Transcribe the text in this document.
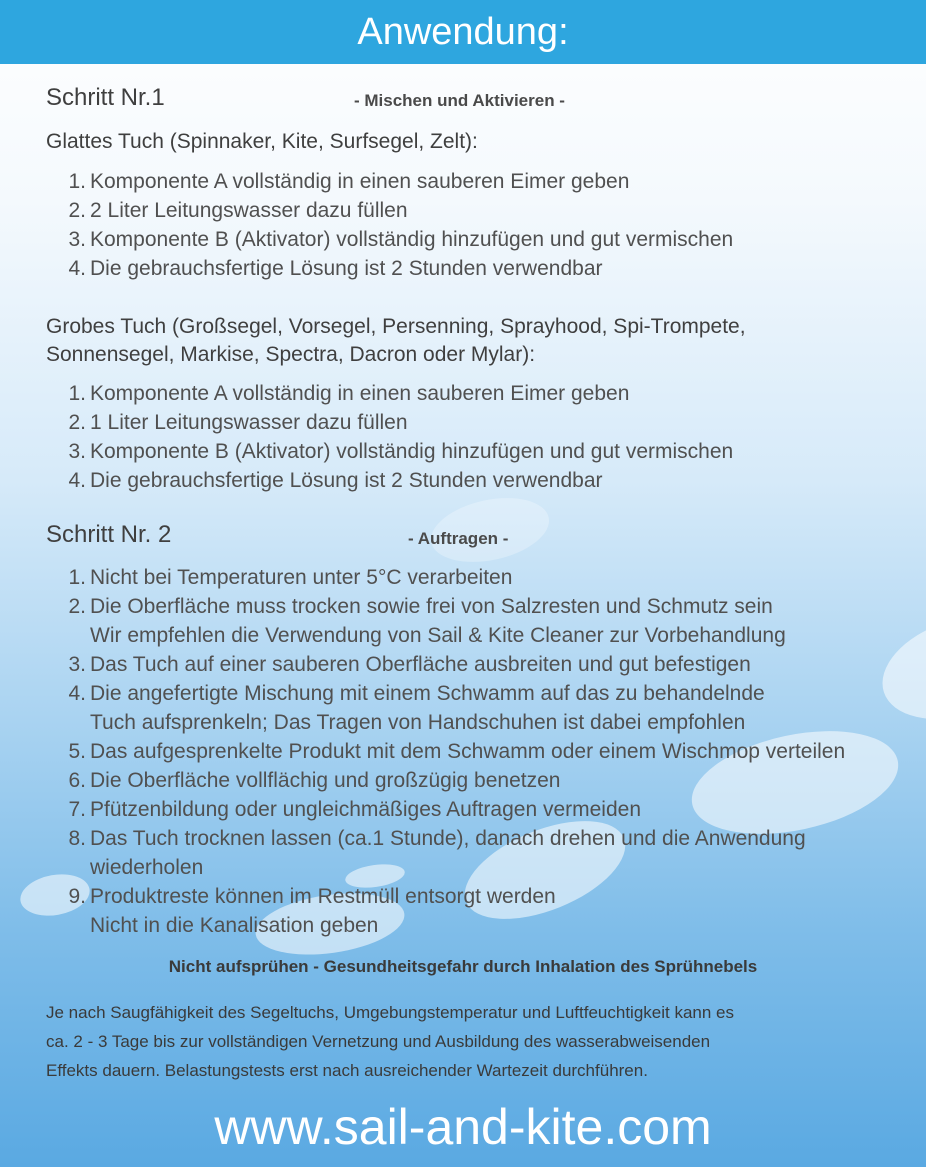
Anwendung:
Schritt Nr.1	- Mischen und Aktivieren -
Glattes Tuch (Spinnaker, Kite, Surfsegel, Zelt):
1. Komponente A vollständig in einen sauberen Eimer geben
2. 2 Liter Leitungswasser dazu füllen
3. Komponente B (Aktivator) vollständig hinzufügen und gut vermischen
4. Die gebrauchsfertige Lösung ist 2 Stunden verwendbar
Grobes Tuch (Großsegel, Vorsegel, Persenning, Sprayhood, Spi-Trompete,
Sonnensegel, Markise, Spectra, Dacron oder Mylar):
1. Komponente A vollständig in einen sauberen Eimer geben
2. 1 Liter Leitungswasser dazu füllen
3. Komponente B (Aktivator) vollständig hinzufügen und gut vermischen
4. Die gebrauchsfertige Lösung ist 2 Stunden verwendbar
Schritt Nr. 2	- Auftragen -
1. Nicht bei Temperaturen unter 5°C verarbeiten
2. Die Oberfläche muss trocken sowie frei von Salzresten und Schmutz sein
Wir empfehlen die Verwendung von Sail & Kite Cleaner zur Vorbehandlung
3. Das Tuch auf einer sauberen Oberfläche ausbreiten und gut befestigen
4. Die angefertigte Mischung mit einem Schwamm auf das zu behandelnde
Tuch aufsprenkeln; Das Tragen von Handschuhen ist dabei empfohlen
5. Das aufgesprenkelte Produkt mit dem Schwamm oder einem Wischmop verteilen
6. Die Oberfläche vollflächig und großzügig benetzen
7. Pfützenbildung oder ungleichmäßiges Auftragen vermeiden
8. Das Tuch trocknen lassen (ca.1 Stunde), danach drehen und die Anwendung
wiederholen
9. Produktreste können im Restmüll entsorgt werden
Nicht in die Kanalisation geben
Nicht aufsprühen - Gesundheitsgefahr durch Inhalation des Sprühnebels
Je nach Saugfähigkeit des Segeltuchs, Umgebungstemperatur und Luftfeuchtigkeit kann es
ca. 2 - 3 Tage bis zur vollständigen Vernetzung und Ausbildung des wasserabweisenden
Effekts dauern. Belastungstests erst nach ausreichender Wartezeit durchführen.
www.sail-and-kite.com
